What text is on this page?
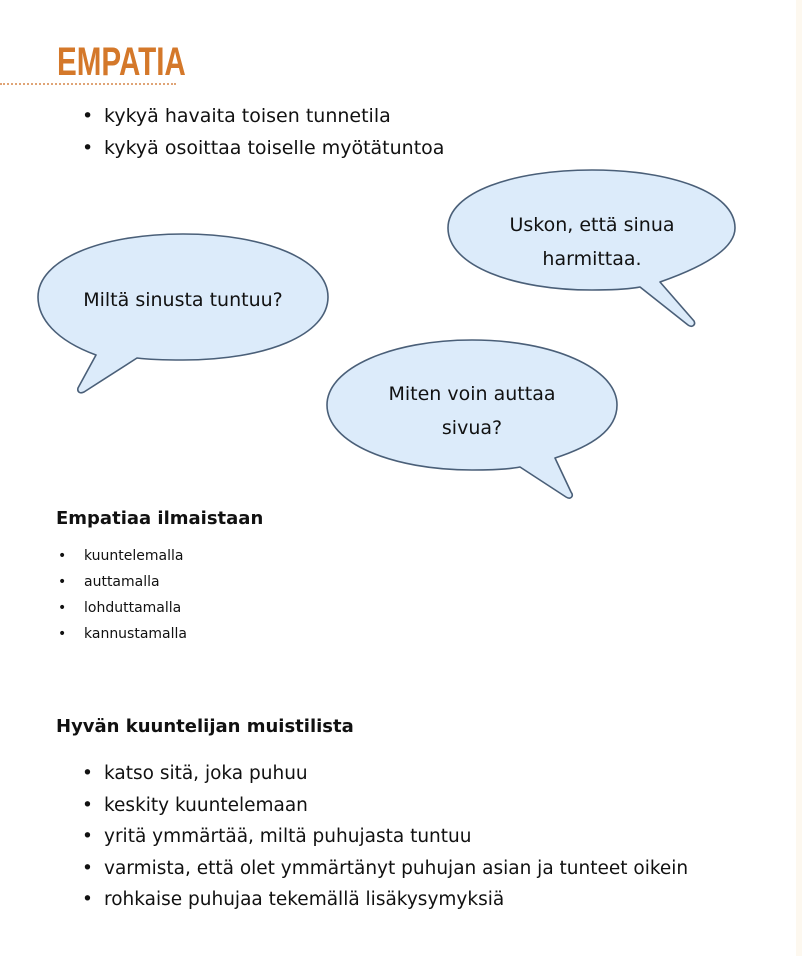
EMPATIA
• kykyä havaita toisen tunnetila
• kykyä osoittaa toiselle myötätuntoa
Miltä sinusta tuntuu?
Uskon, että sinua
harmittaa.
Miten voin auttaa
sivua?
Empatiaa ilmaistaan
• kuuntelemalla
• auttamalla
• lohduttamalla
• kannustamalla
Hyvän kuuntelijan muistilista
• katso sitä, joka puhuu
• keskity kuuntelemaan
• yritä ymmärtää, miltä puhujasta tuntuu
• varmista, että olet ymmärtänyt puhujan asian ja tunteet oikein
• rohkaise puhujaa tekemällä lisäkysymyksiä
